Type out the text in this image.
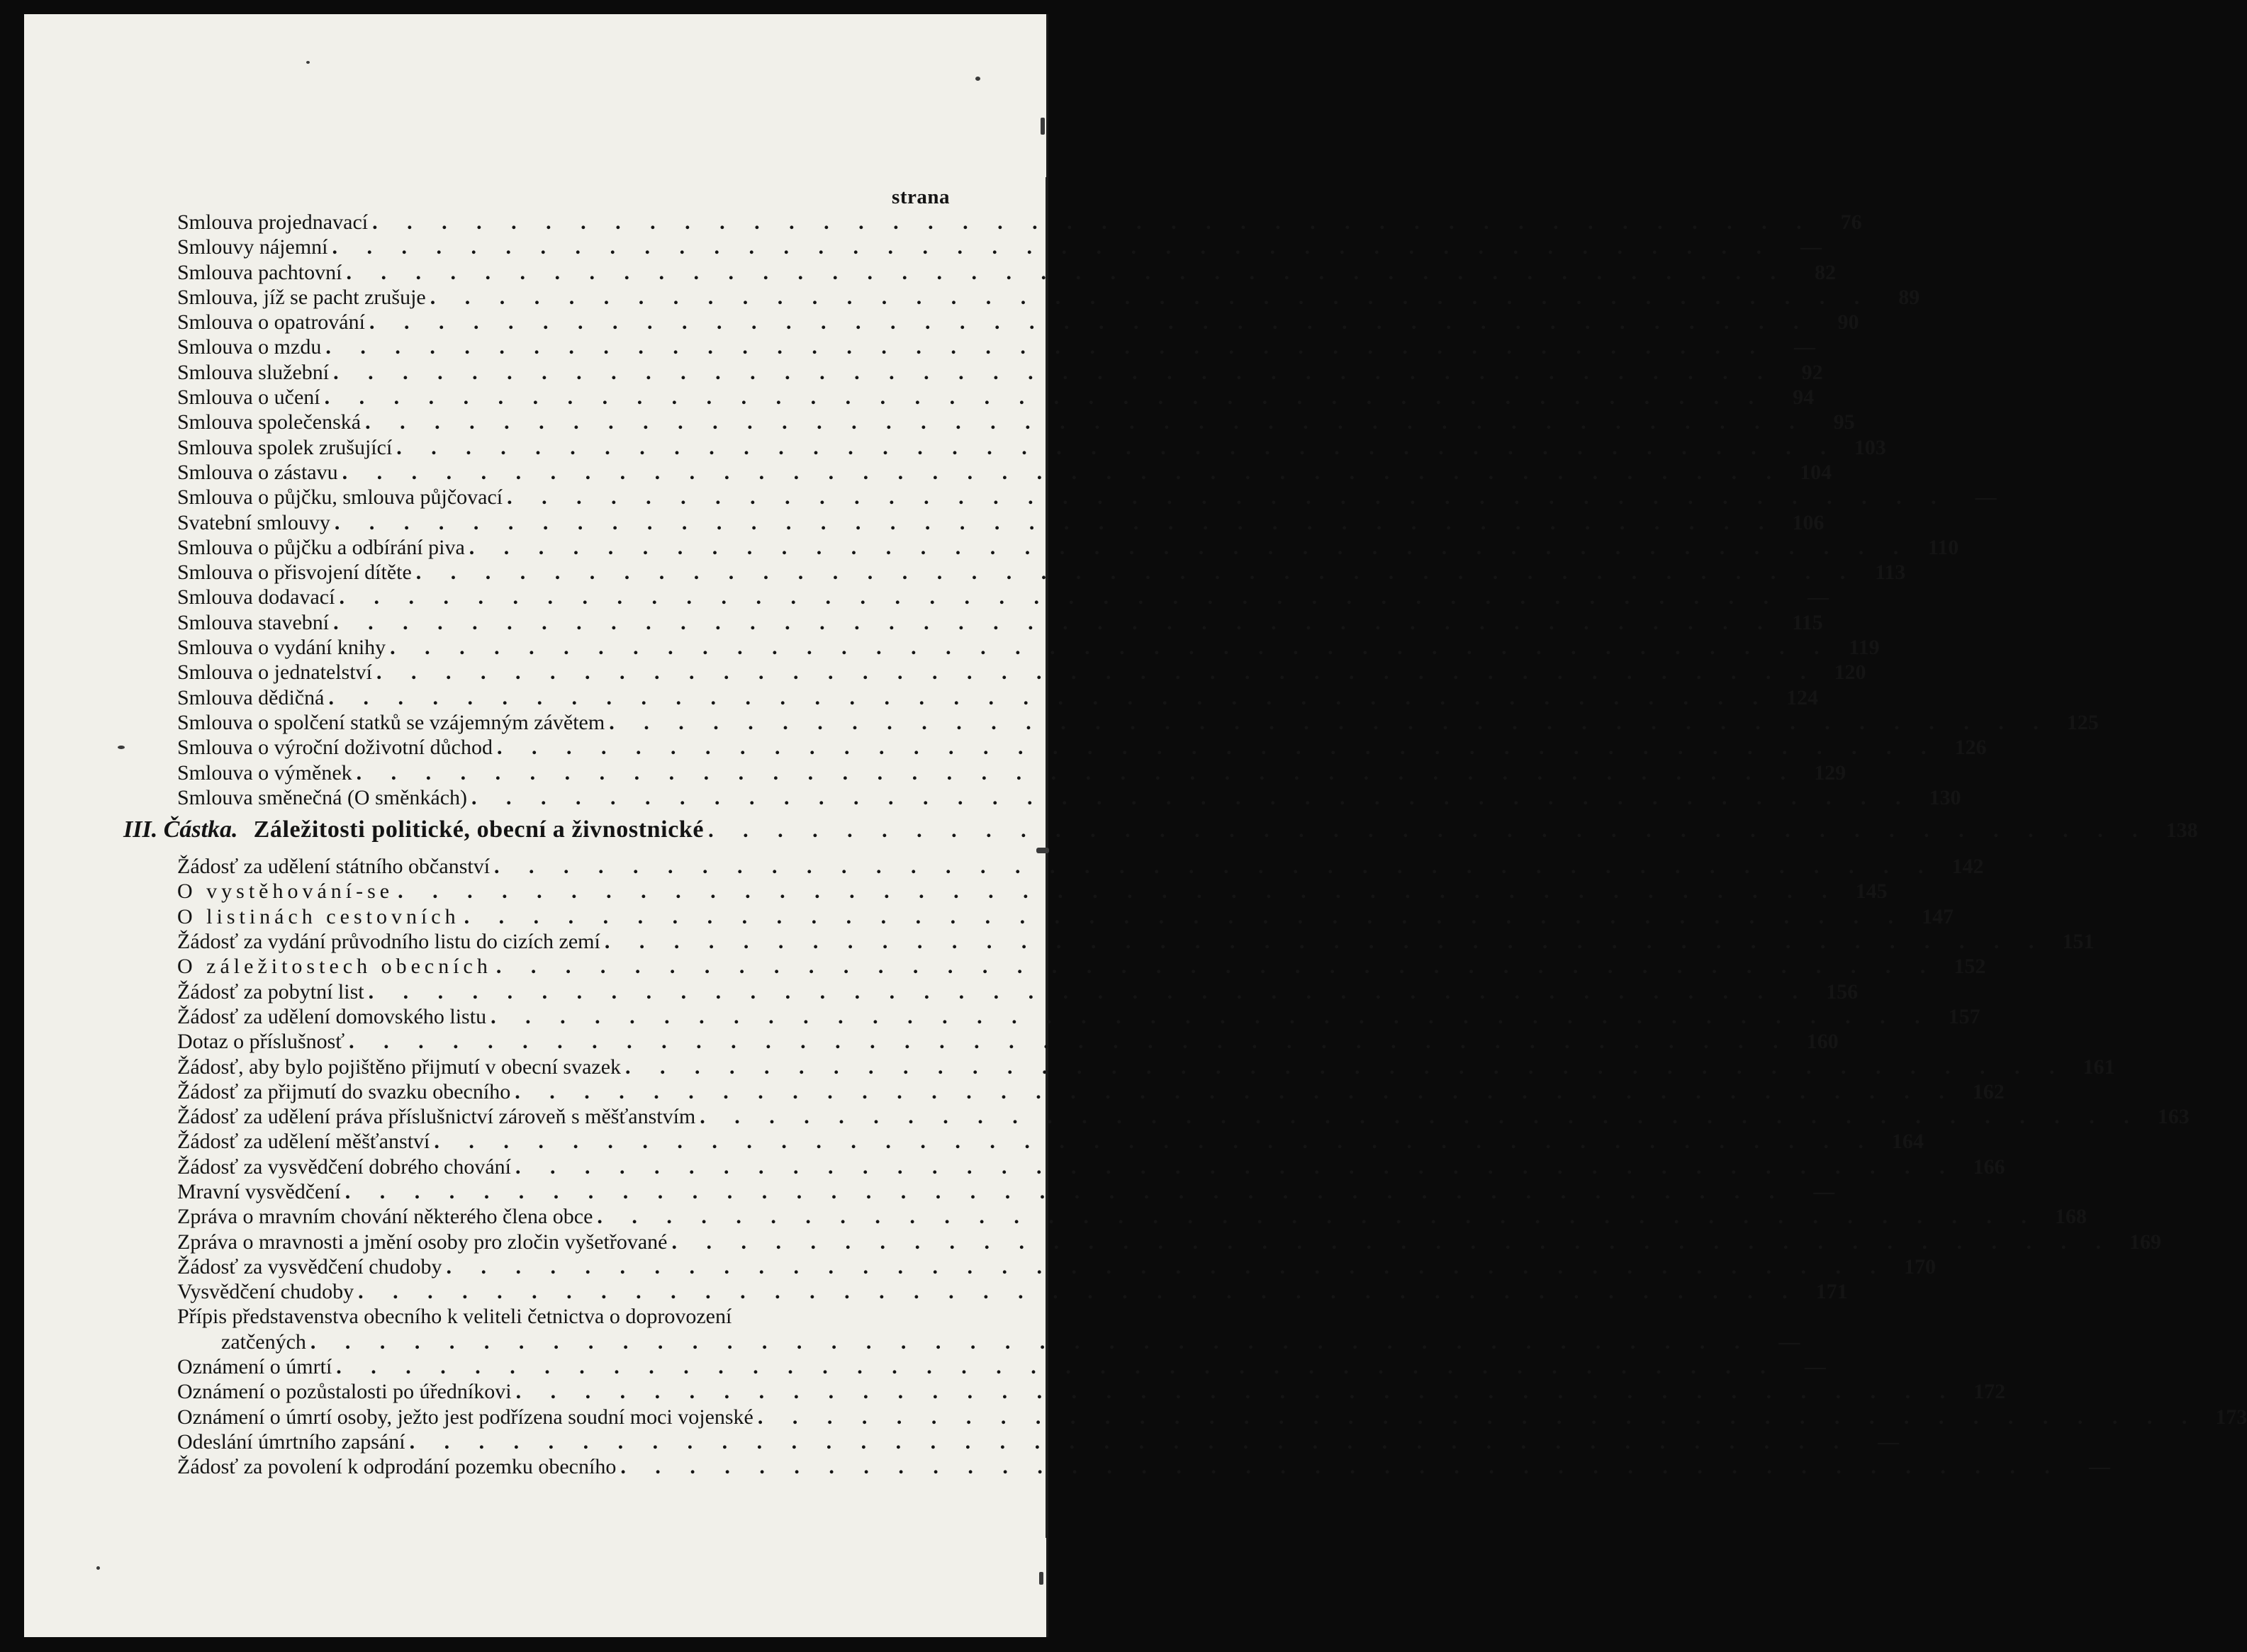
strana
Smlouva projednavací . . . . . . . . . . . . . . . . . . . . . . . . . . . . . . . . . . . . . . . . . .	76
Smlouvy nájemní . . . . . . . . . . . . . . . . . . . . . . . . . . . . . . . . . . . . . . . . . .	—
Smlouva pachtovní . . . . . . . . . . . . . . . . . . . . . . . . . . . . . . . . . . . . . . . . . .	82
Smlouva, jíž se pacht zrušuje . . . . . . . . . . . . . . . . . . . . . . . . . . . . . . . . . . . . . . . . . .	89
Smlouva o opatrování . . . . . . . . . . . . . . . . . . . . . . . . . . . . . . . . . . . . . . . . . .	90
Smlouva o mzdu . . . . . . . . . . . . . . . . . . . . . . . . . . . . . . . . . . . . . . . . . .	—
Smlouva služební . . . . . . . . . . . . . . . . . . . . . . . . . . . . . . . . . . . . . . . . . .	92
Smlouva o učení . . . . . . . . . . . . . . . . . . . . . . . . . . . . . . . . . . . . . . . . . .	94
Smlouva společenská . . . . . . . . . . . . . . . . . . . . . . . . . . . . . . . . . . . . . . . . . .	95
Smlouva spolek zrušující . . . . . . . . . . . . . . . . . . . . . . . . . . . . . . . . . . . . . . . . . . 103
Smlouva o zástavu . . . . . . . . . . . . . . . . . . . . . . . . . . . . . . . . . . . . . . . . . . 104
Smlouva o půjčku, smlouva půjčovací . . . . . . . . . . . . . . . . . . . . . . . . . . . . . . . . . . . . . . . . . .	—
Svatební smlouvy . . . . . . . . . . . . . . . . . . . . . . . . . . . . . . . . . . . . . . . . . . 106
Smlouva o půjčku a odbírání piva . . . . . . . . . . . . . . . . . . . . . . . . . . . . . . . . . . . . . . . . . . 110
Smlouva o přisvojení dítěte . . . . . . . . . . . . . . . . . . . . . . . . . . . . . . . . . . . . . . . . . . 113
Smlouva dodavací . . . . . . . . . . . . . . . . . . . . . . . . . . . . . . . . . . . . . . . . . .	—
Smlouva stavební . . . . . . . . . . . . . . . . . . . . . . . . . . . . . . . . . . . . . . . . . . 115
Smlouva o vydání knihy . . . . . . . . . . . . . . . . . . . . . . . . . . . . . . . . . . . . . . . . . . 119
Smlouva o jednatelství . . . . . . . . . . . . . . . . . . . . . . . . . . . . . . . . . . . . . . . . . . 120
Smlouva dědičná . . . . . . . . . . . . . . . . . . . . . . . . . . . . . . . . . . . . . . . . . . 124
Smlouva o spolčení statků se vzájemným závětem . . . . . . . . . . . . . . . . . . . . . . . . . . . . . . . . . . . . . . . . . . 125
Smlouva o výroční doživotní důchod . . . . . . . . . . . . . . . . . . . . . . . . . . . . . . . . . . . . . . . . . . 126
Smlouva o výměnek . . . . . . . . . . . . . . . . . . . . . . . . . . . . . . . . . . . . . . . . . . 129
Smlouva směnečná (O směnkách) . . . . . . . . . . . . . . . . . . . . . . . . . . . . . . . . . . . . . . . . . . 130
III. Částka. Záležitosti politické, obecní a živnostnické . . . . . . . . . . . . . . . . . . . . . . . . . . . . . . . . . . . . . . . . . . 138
Žádosť za udělení státního občanství . . . . . . . . . . . . . . . . . . . . . . . . . . . . . . . . . . . . . . . . . . 142
O vystěhování-se . . . . . . . . . . . . . . . . . . . . . . . . . . . . . . . . . . . . . . . . . . 145
O listinách cestovních . . . . . . . . . . . . . . . . . . . . . . . . . . . . . . . . . . . . . . . . . . 147
Žádosť za vydání průvodního listu do cizích zemí . . . . . . . . . . . . . . . . . . . . . . . . . . . . . . . . . . . . . . . . . . 151
O záležitostech obecních . . . . . . . . . . . . . . . . . . . . . . . . . . . . . . . . . . . . . . . . . . 152
Žádosť za pobytní list . . . . . . . . . . . . . . . . . . . . . . . . . . . . . . . . . . . . . . . . . . 156
Žádosť za udělení domovského listu . . . . . . . . . . . . . . . . . . . . . . . . . . . . . . . . . . . . . . . . . . 157
Dotaz o příslušnosť . . . . . . . . . . . . . . . . . . . . . . . . . . . . . . . . . . . . . . . . . . 160
Žádosť, aby bylo pojištěno přijmutí v obecní svazek . . . . . . . . . . . . . . . . . . . . . . . . . . . . . . . . . . . . . . . . . . 161
Žádosť za přijmutí do svazku obecního . . . . . . . . . . . . . . . . . . . . . . . . . . . . . . . . . . . . . . . . . . 162
Žádosť za udělení práva příslušnictví zároveň s měšťanstvím . . . . . . . . . . . . . . . . . . . . . . . . . . . . . . . . . . . . . . . . . . 163
Žádosť za udělení měšťanství . . . . . . . . . . . . . . . . . . . . . . . . . . . . . . . . . . . . . . . . . . 164
Žádosť za vysvědčení dobrého chování . . . . . . . . . . . . . . . . . . . . . . . . . . . . . . . . . . . . . . . . . . 166
Mravní vysvědčení . . . . . . . . . . . . . . . . . . . . . . . . . . . . . . . . . . . . . . . . . .	—
Zpráva o mravním chování některého člena obce . . . . . . . . . . . . . . . . . . . . . . . . . . . . . . . . . . . . . . . . . . 168
Zpráva o mravnosti a jmění osoby pro zločin vyšetřované . . . . . . . . . . . . . . . . . . . . . . . . . . . . . . . . . . . . . . . . . . 169
Žádosť za vysvědčení chudoby . . . . . . . . . . . . . . . . . . . . . . . . . . . . . . . . . . . . . . . . . . 170
Vysvědčení chudoby . . . . . . . . . . . . . . . . . . . . . . . . . . . . . . . . . . . . . . . . . . 171
Přípis představenstva obecního k veliteli četnictva o doprovození
zatčených . . . . . . . . . . . . . . . . . . . . . . . . . . . . . . . . . . . . . . . . . .	—
Oznámení o úmrtí . . . . . . . . . . . . . . . . . . . . . . . . . . . . . . . . . . . . . . . . . .	—
Oznámení o pozůstalosti po úředníkovi . . . . . . . . . . . . . . . . . . . . . . . . . . . . . . . . . . . . . . . . . . 172
Oznámení o úmrtí osoby, ježto jest podřízena soudní moci vojenské . . . . . . . . . . . . . . . . . . . . . . . . . . . . . . . . . . . . . . . . . . 173
Odeslání úmrtního zapsání . . . . . . . . . . . . . . . . . . . . . . . . . . . . . . . . . . . . . . . . . .	—
Žádosť za povolení k odprodání pozemku obecního . . . . . . . . . . . . . . . . . . . . . . . . . . . . . . . . . . . . . . . . . .	—
